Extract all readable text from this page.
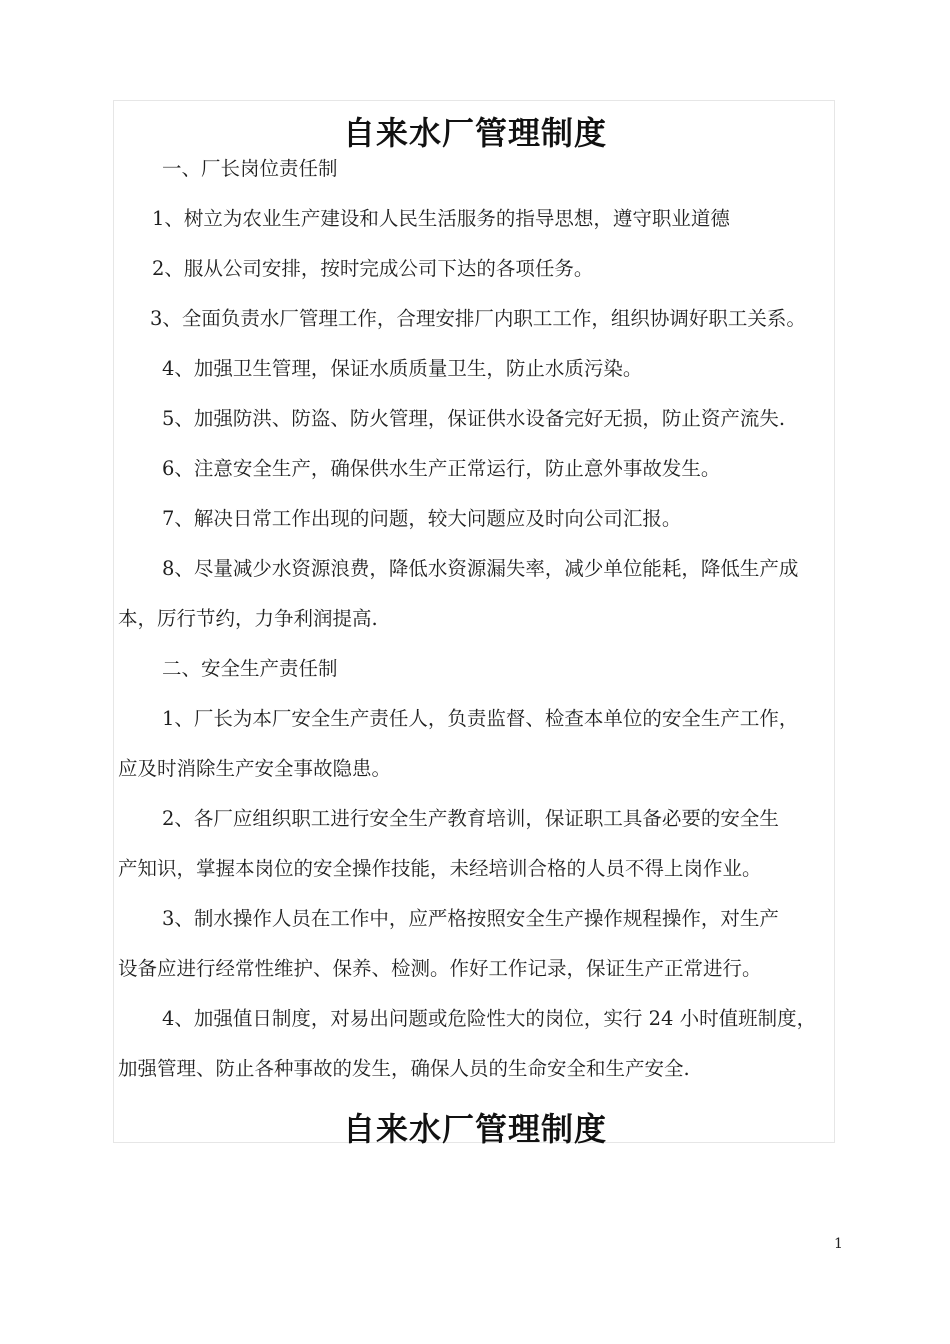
自来水厂管理制度
一、厂长岗位责任制
1、树立为农业生产建设和人民生活服务的指导思想，遵守职业道德
2、服从公司安排，按时完成公司下达的各项任务。
3、全面负责水厂管理工作，合理安排厂内职工工作，组织协调好职工关系。
4、加强卫生管理，保证水质质量卫生，防止水质污染。
5、加强防洪、防盗、防火管理，保证供水设备完好无损，防止资产流失.
6、注意安全生产，确保供水生产正常运行，防止意外事故发生。
7、解决日常工作出现的问题，较大问题应及时向公司汇报。
8、尽量减少水资源浪费，降低水资源漏失率，减少单位能耗，降低生产成
本，厉行节约，力争利润提高.
二、安全生产责任制
1、厂长为本厂安全生产责任人，负责监督、检查本单位的安全生产工作，
应及时消除生产安全事故隐患。
2、各厂应组织职工进行安全生产教育培训，保证职工具备必要的安全生
产知识，掌握本岗位的安全操作技能，未经培训合格的人员不得上岗作业。
3、制水操作人员在工作中，应严格按照安全生产操作规程操作，对生产
设备应进行经常性维护、保养、检测。作好工作记录，保证生产正常进行。
4、加强值日制度，对易出问题或危险性大的岗位，实行 24 小时值班制度，
加强管理、防止各种事故的发生，确保人员的生命安全和生产安全.
自来水厂管理制度
1
